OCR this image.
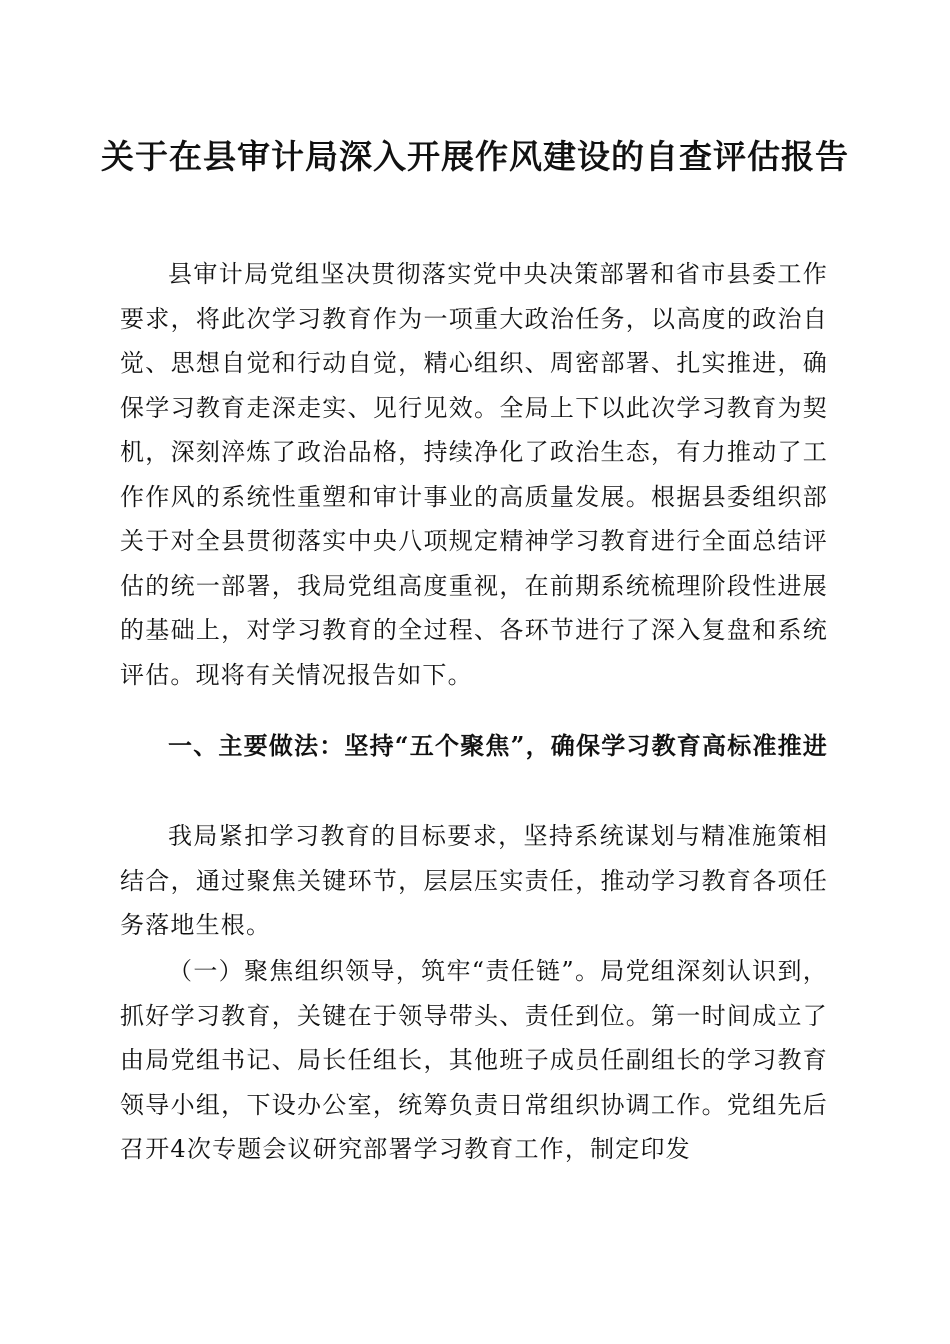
关于在县审计局深入开展作风建设的自查评估报告

县审计局党组坚决贯彻落实党中央决策部署和省市县委工作要求，将此次学习教育作为一项重大政治任务，以高度的政治自觉、思想自觉和行动自觉，精心组织、周密部署、扎实推进，确保学习教育走深走实、见行见效。全局上下以此次学习教育为契机，深刻淬炼了政治品格，持续净化了政治生态，有力推动了工作作风的系统性重塑和审计事业的高质量发展。根据县委组织部关于对全县贯彻落实中央八项规定精神学习教育进行全面总结评估的统一部署，我局党组高度重视，在前期系统梳理阶段性进展的基础上，对学习教育的全过程、各环节进行了深入复盘和系统评估。现将有关情况报告如下。

一、主要做法：坚持“五个聚焦”，确保学习教育高标准推进

我局紧扣学习教育的目标要求，坚持系统谋划与精准施策相结合，通过聚焦关键环节，层层压实责任，推动学习教育各项任务落地生根。

（一）聚焦组织领导，筑牢“责任链”。局党组深刻认识到，抓好学习教育，关键在于领导带头、责任到位。第一时间成立了由局党组书记、局长任组长，其他班子成员任副组长的学习教育领导小组，下设办公室，统筹负责日常组织协调工作。党组先后召开4次专题会议研究部署学习教育工作，制定印发
